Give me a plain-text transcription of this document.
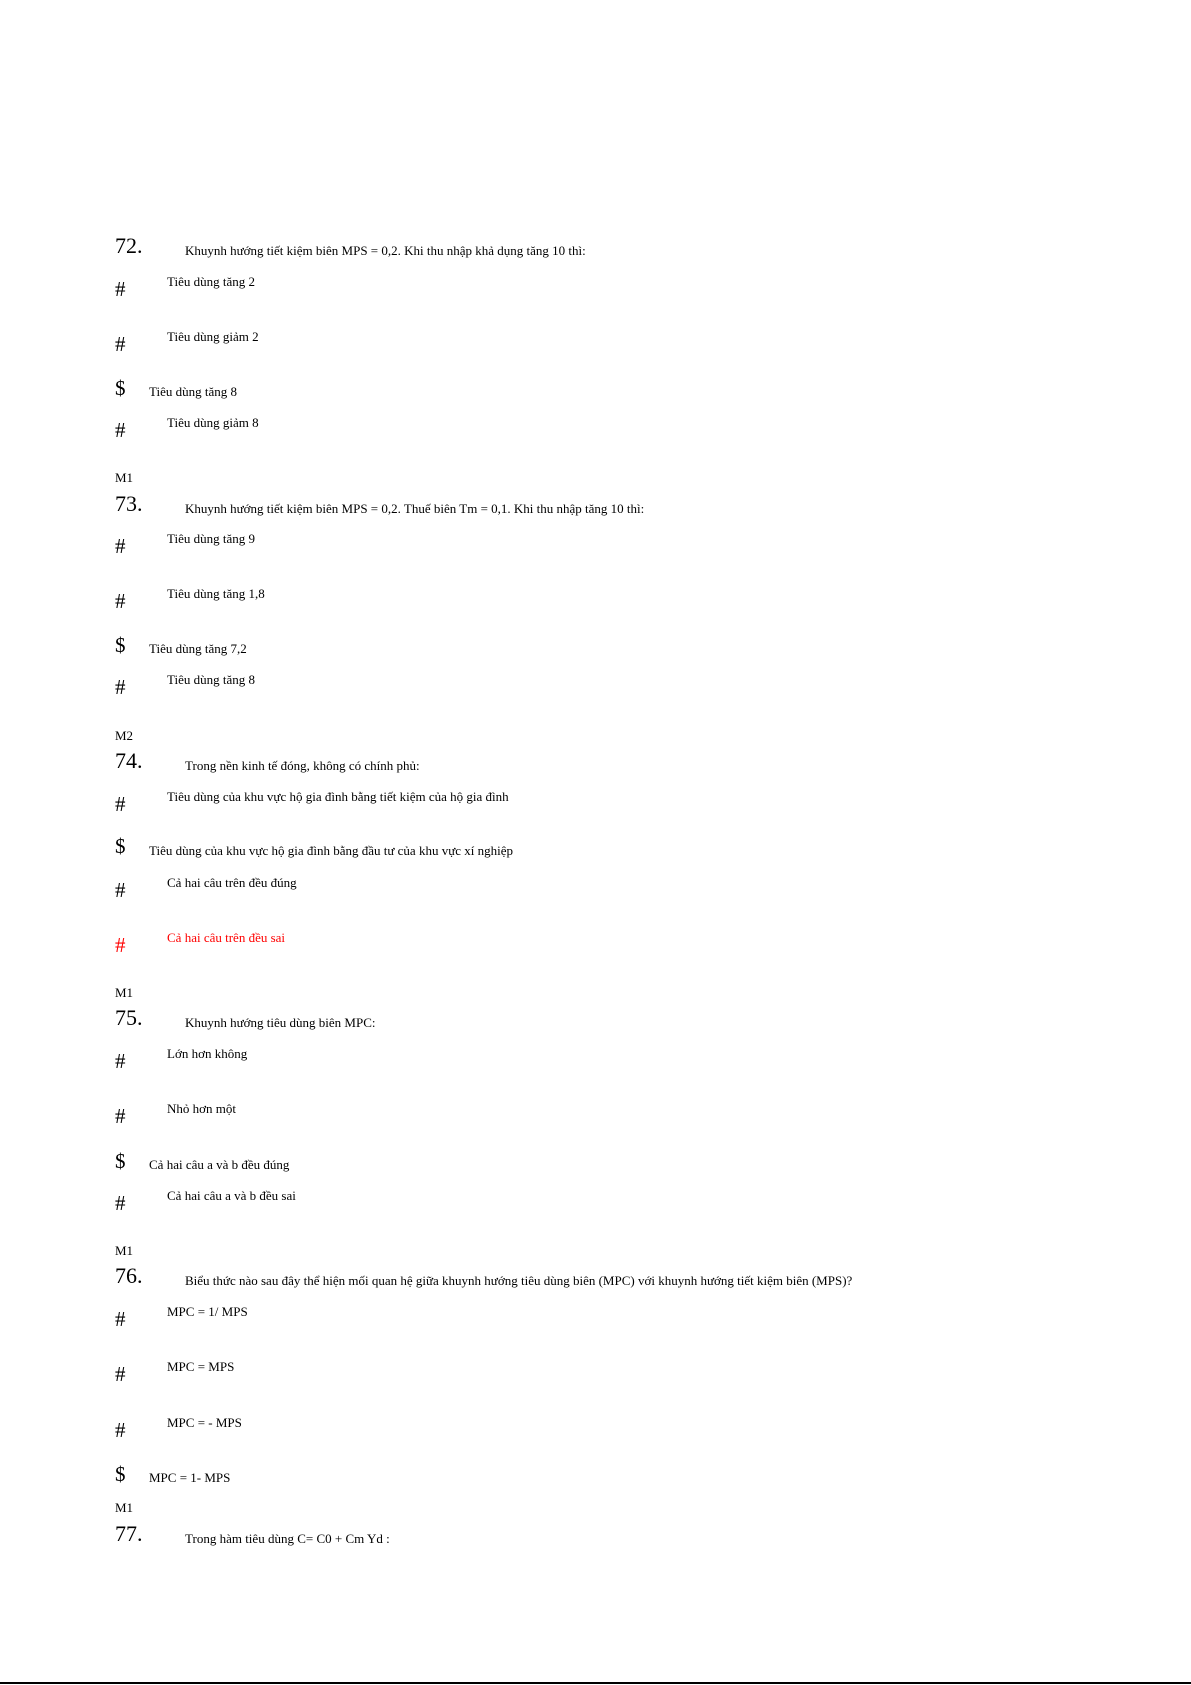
72.	Khuynh hướng tiết kiệm biên MPS = 0,2. Khi thu nhập khả dụng tăng 10 thì:
#	Tiêu dùng tăng 2
#	Tiêu dùng giảm 2
$ Tiêu dùng tăng 8
#	Tiêu dùng giảm 8
M1
73.	Khuynh hướng tiết kiệm biên MPS = 0,2. Thuế biên Tm = 0,1. Khi thu nhập tăng 10 thì:
#	Tiêu dùng tăng 9
#	Tiêu dùng tăng 1,8
$ Tiêu dùng tăng 7,2
#	Tiêu dùng tăng 8
M2
74.	Trong nền kinh tế đóng, không có chính phủ:
#	Tiêu dùng của khu vực hộ gia đình bằng tiết kiệm của hộ gia đình
$ Tiêu dùng của khu vực hộ gia đình bằng đầu tư của khu vực xí nghiệp
#	Cả hai câu trên đều đúng
#	Cả hai câu trên đều sai
M1
75.	Khuynh hướng tiêu dùng biên MPC:
#	Lớn hơn không
#	Nhỏ hơn một
$ Cả hai câu a và b đều đúng
#	Cả hai câu a và b đều sai
M1
76.	Biểu thức nào sau đây thể hiện mối quan hệ giữa khuynh hướng tiêu dùng biên (MPC) với khuynh hướng tiết kiệm biên (MPS)?
#	MPC = 1/ MPS
#	MPC = MPS
#	MPC = - MPS
$ MPC = 1- MPS
M1
77.	Trong hàm tiêu dùng C= C0 + Cm Yd :
